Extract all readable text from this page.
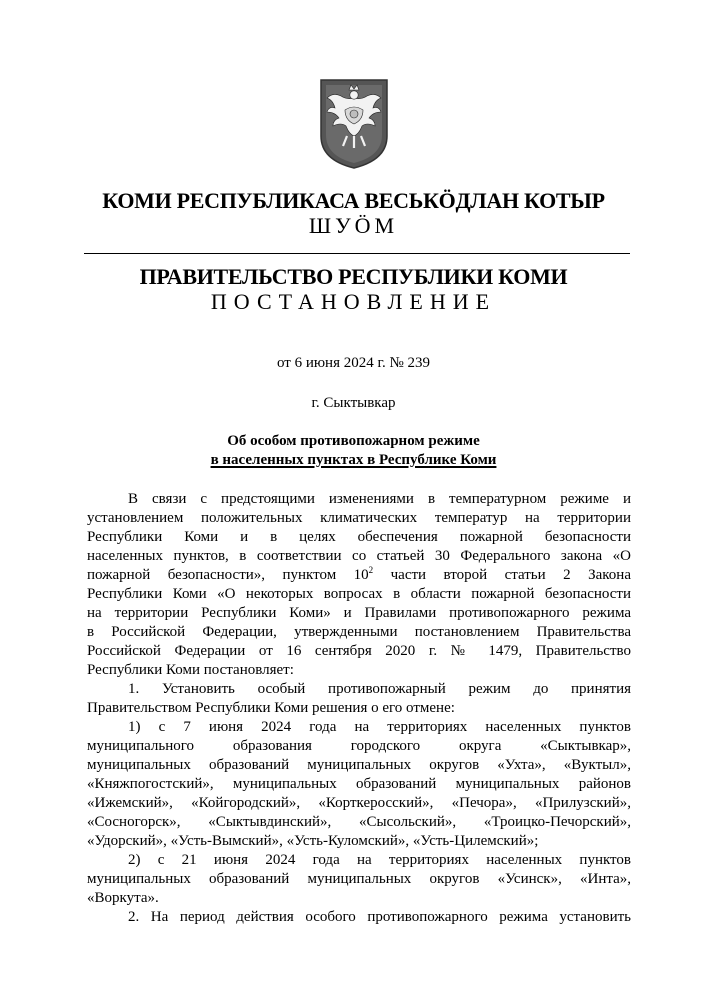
КОМИ РЕСПУБЛИКАСА ВЕСЬКӦДЛАН КОТЫР
ШУӦМ
ПРАВИТЕЛЬСТВО РЕСПУБЛИКИ КОМИ
ПОСТАНОВЛЕНИЕ
от 6 июня 2024 г. № 239
г. Сыктывкар
Об особом противопожарном режиме
в населенных пунктах в Республике Коми
В связи с предстоящими изменениями в температурном режиме и
установлением положительных климатических температур на территории
Республики Коми и в целях обеспечения пожарной безопасности
населенных пунктов, в соответствии со статьей 30 Федерального закона «О
пожарной безопасности», пунктом $10^2$ части второй статьи 2 Закона
Республики Коми «О некоторых вопросах в области пожарной безопасности
на территории Республики Коми» и Правилами противопожарного режима
в Российской Федерации, утвержденными постановлением Правительства
Российской Федерации от 16 сентября 2020 г. № 1479, Правительство
Республики Коми постановляет:
1. Установить особый противопожарный режим до принятия
Правительством Республики Коми решения о его отмене:
1) с 7 июня 2024 года на территориях населенных пунктов
муниципального образования городского округа «Сыктывкар»,
муниципальных образований муниципальных округов «Ухта», «Вуктыл»,
«Княжпогостский», муниципальных образований муниципальных районов
«Ижемский», «Койгородский», «Корткеросский», «Печора», «Прилузский»,
«Сосногорск», «Сыктывдинский», «Сысольский», «Троицко-Печорский»,
«Удорский», «Усть-Вымский», «Усть-Куломский», «Усть-Цилемский»;
2) с 21 июня 2024 года на территориях населенных пунктов
муниципальных образований муниципальных округов «Усинск», «Инта»,
«Воркута».
2. На период действия особого противопожарного режима установить
